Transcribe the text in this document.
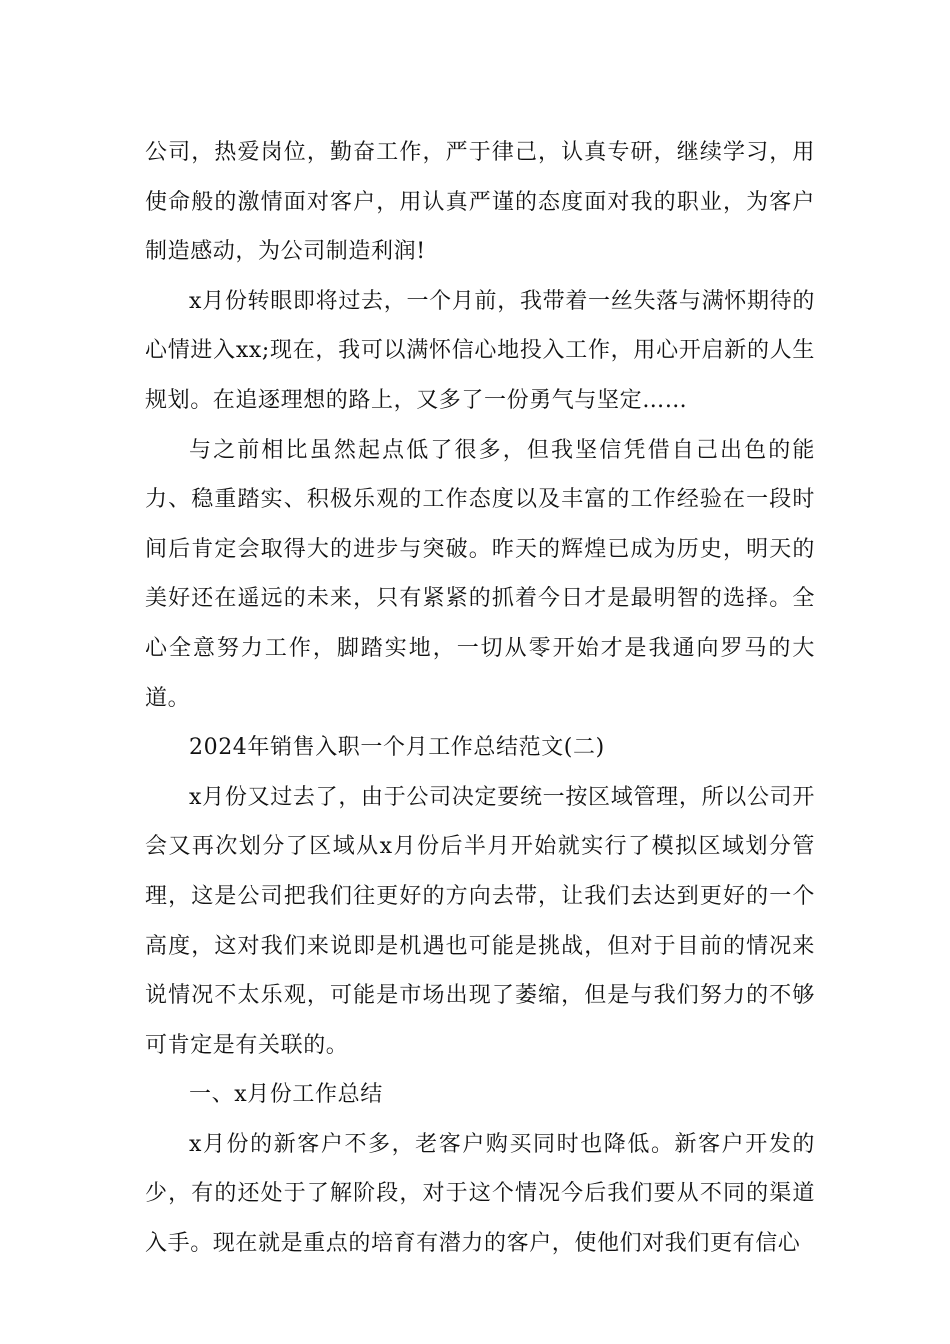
公司，热爱岗位，勤奋工作，严于律己，认真专研，继续学习，用使命般的激情面对客户，用认真严谨的态度面对我的职业，为客户制造感动，为公司制造利润!

x月份转眼即将过去，一个月前，我带着一丝失落与满怀期待的心情进入xx;现在，我可以满怀信心地投入工作，用心开启新的人生规划。在追逐理想的路上，又多了一份勇气与坚定……

与之前相比虽然起点低了很多，但我坚信凭借自己出色的能力、稳重踏实、积极乐观的工作态度以及丰富的工作经验在一段时间后肯定会取得大的进步与突破。昨天的辉煌已成为历史，明天的美好还在遥远的未来，只有紧紧的抓着今日才是最明智的选择。全心全意努力工作，脚踏实地，一切从零开始才是我通向罗马的大道。

2024年销售入职一个月工作总结范文(二)

x月份又过去了，由于公司决定要统一按区域管理，所以公司开会又再次划分了区域从x月份后半月开始就实行了模拟区域划分管理，这是公司把我们往更好的方向去带，让我们去达到更好的一个高度，这对我们来说即是机遇也可能是挑战，但对于目前的情况来说情况不太乐观，可能是市场出现了萎缩，但是与我们努力的不够可肯定是有关联的。

一、x月份工作总结

x月份的新客户不多，老客户购买同时也降低。新客户开发的少，有的还处于了解阶段，对于这个情况今后我们要从不同的渠道入手。现在就是重点的培育有潜力的客户，使他们对我们更有信心
